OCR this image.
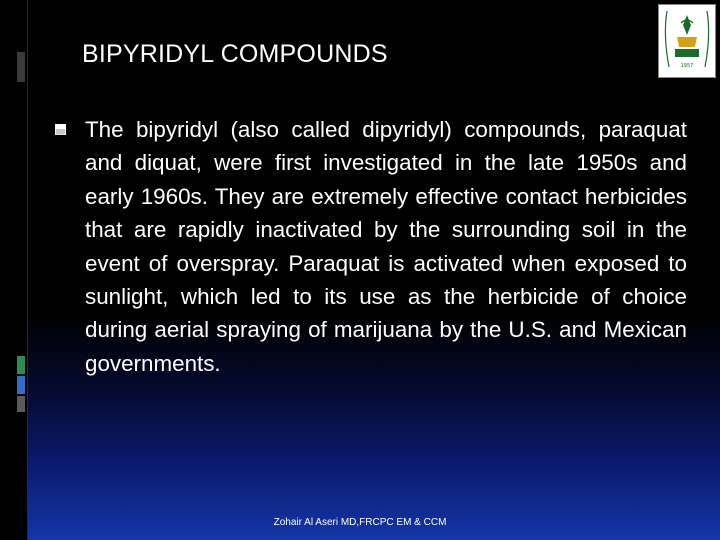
BIPYRIDYL COMPOUNDS	1957

The bipyridyl (also called dipyridyl) compounds, paraquat and diquat, were first investigated in the late 1950s and early 1960s. They are extremely effective contact herbicides that are rapidly inactivated by the surrounding soil in the event of overspray. Paraquat is activated when exposed to sunlight, which led to its use as the herbicide of choice during aerial spraying of marijuana by the U.S. and Mexican governments.

Zohair Al Aseri MD,FRCPC EM & CCM
